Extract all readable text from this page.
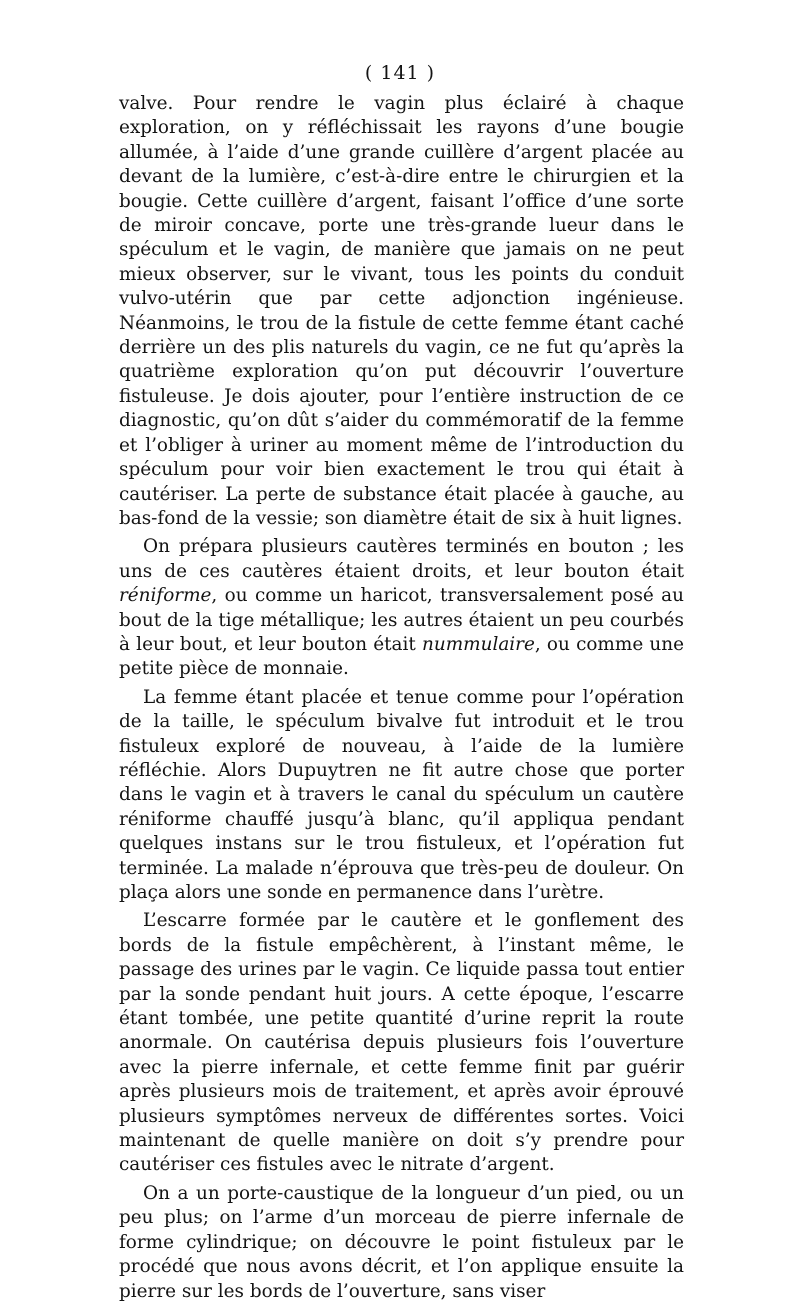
( 141 )

valve. Pour rendre le vagin plus éclairé à chaque exploration, on y réfléchissait les rayons d’une bougie allumée, à l’aide d’une grande cuillère d’argent placée au devant de la lumière, c’est-à-dire entre le chirurgien et la bougie. Cette cuillère d’argent, faisant l’office d’une sorte de miroir concave, porte une très-grande lueur dans le spéculum et le vagin, de manière que jamais on ne peut mieux observer, sur le vivant, tous les points du conduit vulvo-utérin que par cette adjonction ingénieuse. Néanmoins, le trou de la fistule de cette femme étant caché derrière un des plis naturels du vagin, ce ne fut qu’après la quatrième exploration qu’on put découvrir l’ouverture fistuleuse. Je dois ajouter, pour l’entière instruction de ce diagnostic, qu’on dût s’aider du commémoratif de la femme et l’obliger à uriner au moment même de l’introduction du spéculum pour voir bien exactement le trou qui était à cautériser. La perte de substance était placée à gauche, au bas-fond de la vessie; son diamètre était de six à huit lignes.

On prépara plusieurs cautères terminés en bouton ; les uns de ces cautères étaient droits, et leur bouton était réniforme, ou comme un haricot, transversalement posé au bout de la tige métallique; les autres étaient un peu courbés à leur bout, et leur bouton était nummulaire, ou comme une petite pièce de monnaie.

La femme étant placée et tenue comme pour l’opération de la taille, le spéculum bivalve fut introduit et le trou fistuleux exploré de nouveau, à l’aide de la lumière réfléchie. Alors Dupuytren ne fit autre chose que porter dans le vagin et à travers le canal du spéculum un cautère réniforme chauffé jusqu’à blanc, qu’il appliqua pendant quelques instans sur le trou fistuleux, et l’opération fut terminée. La malade n’éprouva que très-peu de douleur. On plaça alors une sonde en permanence dans l’urètre.

L’escarre formée par le cautère et le gonflement des bords de la fistule empêchèrent, à l’instant même, le passage des urines par le vagin. Ce liquide passa tout entier par la sonde pendant huit jours. A cette époque, l’escarre étant tombée, une petite quantité d’urine reprit la route anormale. On cautérisa depuis plusieurs fois l’ouverture avec la pierre infernale, et cette femme finit par guérir après plusieurs mois de traitement, et après avoir éprouvé plusieurs symptômes nerveux de différentes sortes. Voici maintenant de quelle manière on doit s’y prendre pour cautériser ces fistules avec le nitrate d’argent.

On a un porte-caustique de la longueur d’un pied, ou un peu plus; on l’arme d’un morceau de pierre infernale de forme cylindrique; on découvre le point fistuleux par le procédé que nous avons décrit, et l’on applique ensuite la pierre sur les bords de l’ouverture, sans viser
